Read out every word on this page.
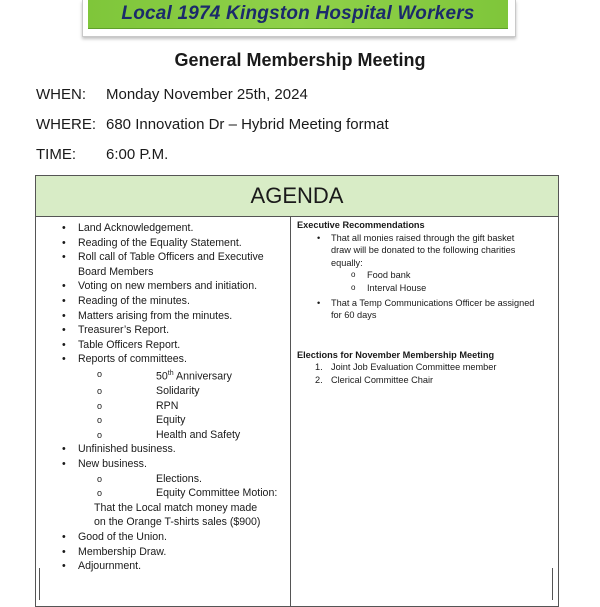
Local 1974 Kingston Hospital Workers
General Membership Meeting
WHEN: Monday November 25th, 2024
WHERE: 680 Innovation Dr – Hybrid Meeting format
TIME: 6:00 P.M.
AGENDA
• Land Acknowledgement.
• Reading of the Equality Statement.
• Roll call of Table Officers and Executive
Board Members
• Voting on new members and initiation.
• Reading of the minutes.
• Matters arising from the minutes.
• Treasurer’s Report.
• Table Officers Report.
• Reports of committees.
o	50th Anniversary
o	Solidarity
o	RPN
o	Equity
o	Health and Safety
• Unfinished business.
• New business.
o	Elections.
o	Equity Committee Motion:
That the Local match money made
on the Orange T-shirts sales ($900)
• Good of the Union.
• Membership Draw.
• Adjournment.
Executive Recommendations
• That all monies raised through the gift basket
draw will be donated to the following charities
equally:
o Food bank
o Interval House
• That a Temp Communications Officer be assigned
for 60 days
Elections for November Membership Meeting
1. Joint Job Evaluation Committee member
2. Clerical Committee Chair
